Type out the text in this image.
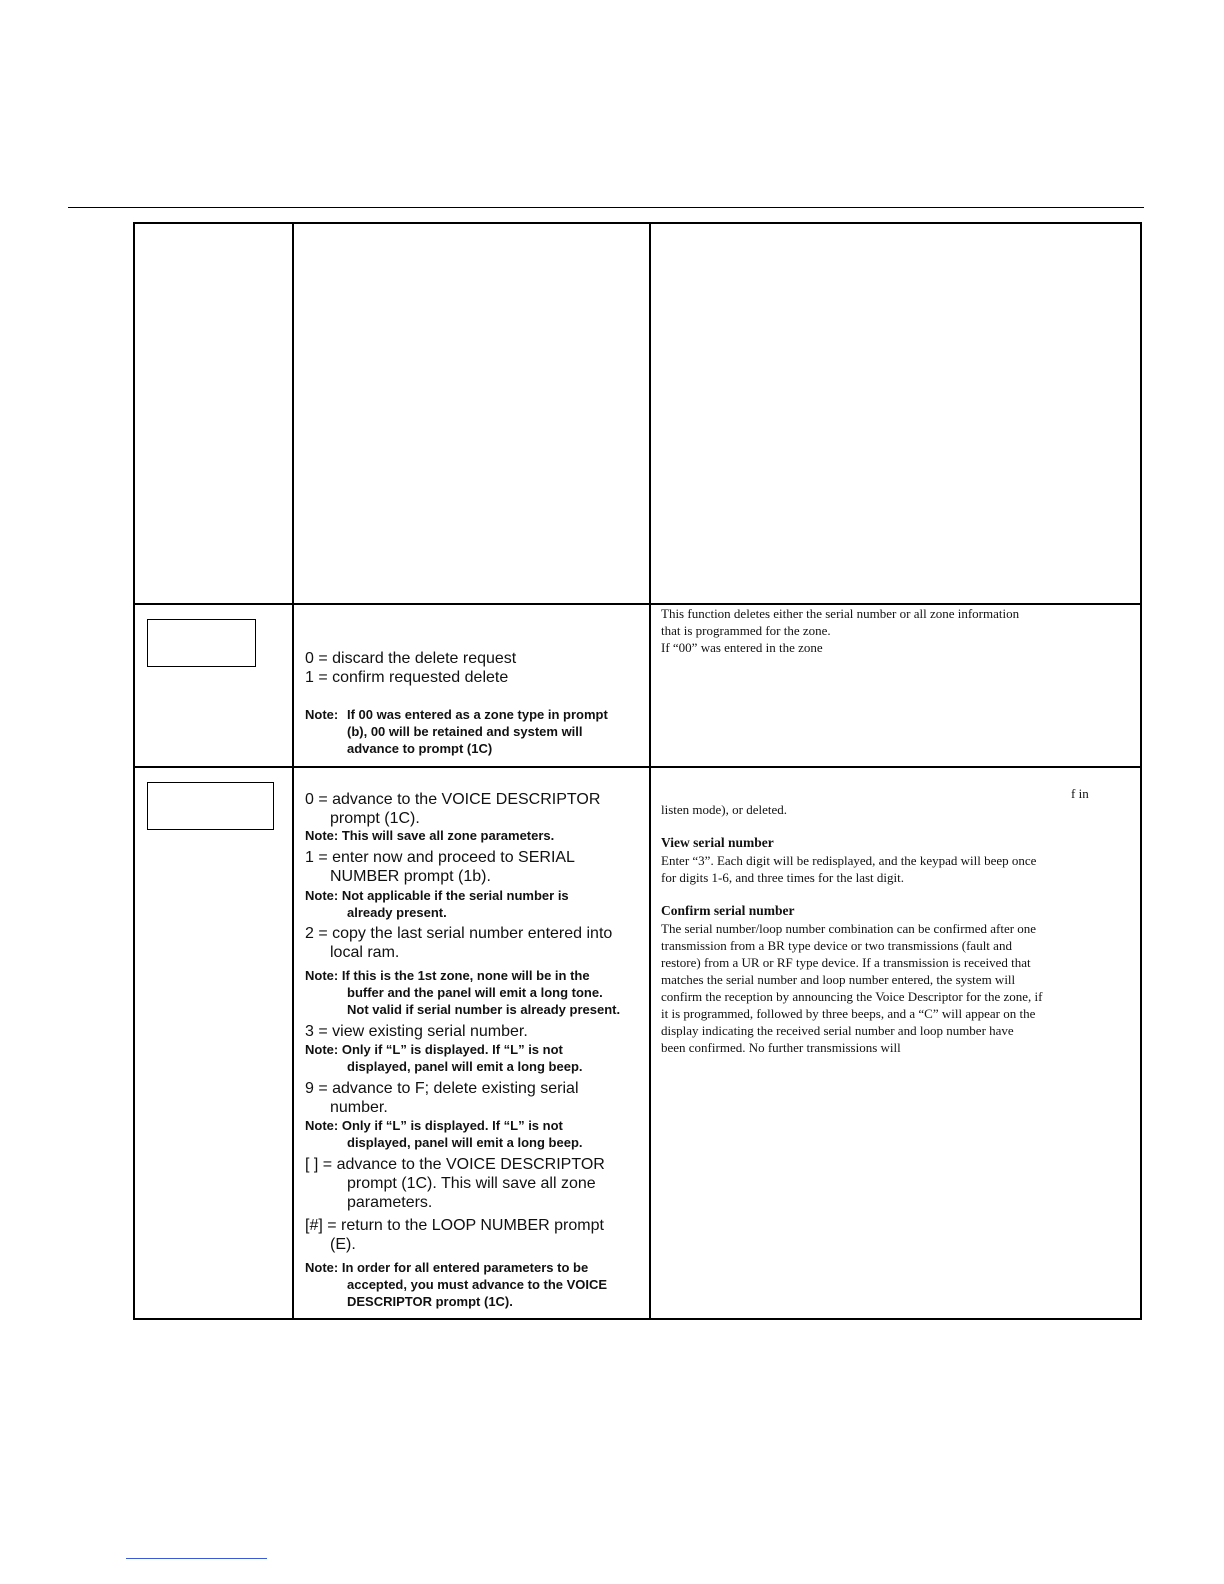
0 = discard the delete request

1 = confirm requested delete

Note: If 00 was entered as a zone type in prompt

(b), 00 will be retained and system will

advance to prompt (1C)

This function deletes either the serial number or all zone information

that is programmed for the zone.

If “00” was entered in the zone

0 = advance to the VOICE DESCRIPTOR

prompt (1C).

Note: This will save all zone parameters.

1 = enter now and proceed to SERIAL

NUMBER prompt (1b).

Note: Not applicable if the serial number is

already present.

2 = copy the last serial number entered into

local ram.

Note: If this is the 1st zone, none will be in the

buffer and the panel will emit a long tone.

Not valid if serial number is already present.

3 = view existing serial number.

Note: Only if “L” is displayed. If “L” is not

displayed, panel will emit a long beep.

9 = advance to F; delete existing serial

number.

Note: Only if “L” is displayed. If “L” is not

displayed, panel will emit a long beep.

[ ] = advance to the VOICE DESCRIPTOR

prompt (1C). This will save all zone

parameters.

[#] = return to the LOOP NUMBER prompt

(E).

Note: In order for all entered parameters to be

accepted, you must advance to the VOICE

DESCRIPTOR prompt (1C).

f in

listen mode), or deleted.

View serial number

Enter “3”. Each digit will be redisplayed, and the keypad will beep once

for digits 1-6, and three times for the last digit.

Confirm serial number

The serial number/loop number combination can be confirmed after one

transmission from a BR type device or two transmissions (fault and

restore) from a UR or RF type device. If a transmission is received that

matches the serial number and loop number entered, the system will

confirm the reception by announcing the Voice Descriptor for the zone, if

it is programmed, followed by three beeps, and a “C” will appear on the

display indicating the received serial number and loop number have

been confirmed. No further transmissions will
